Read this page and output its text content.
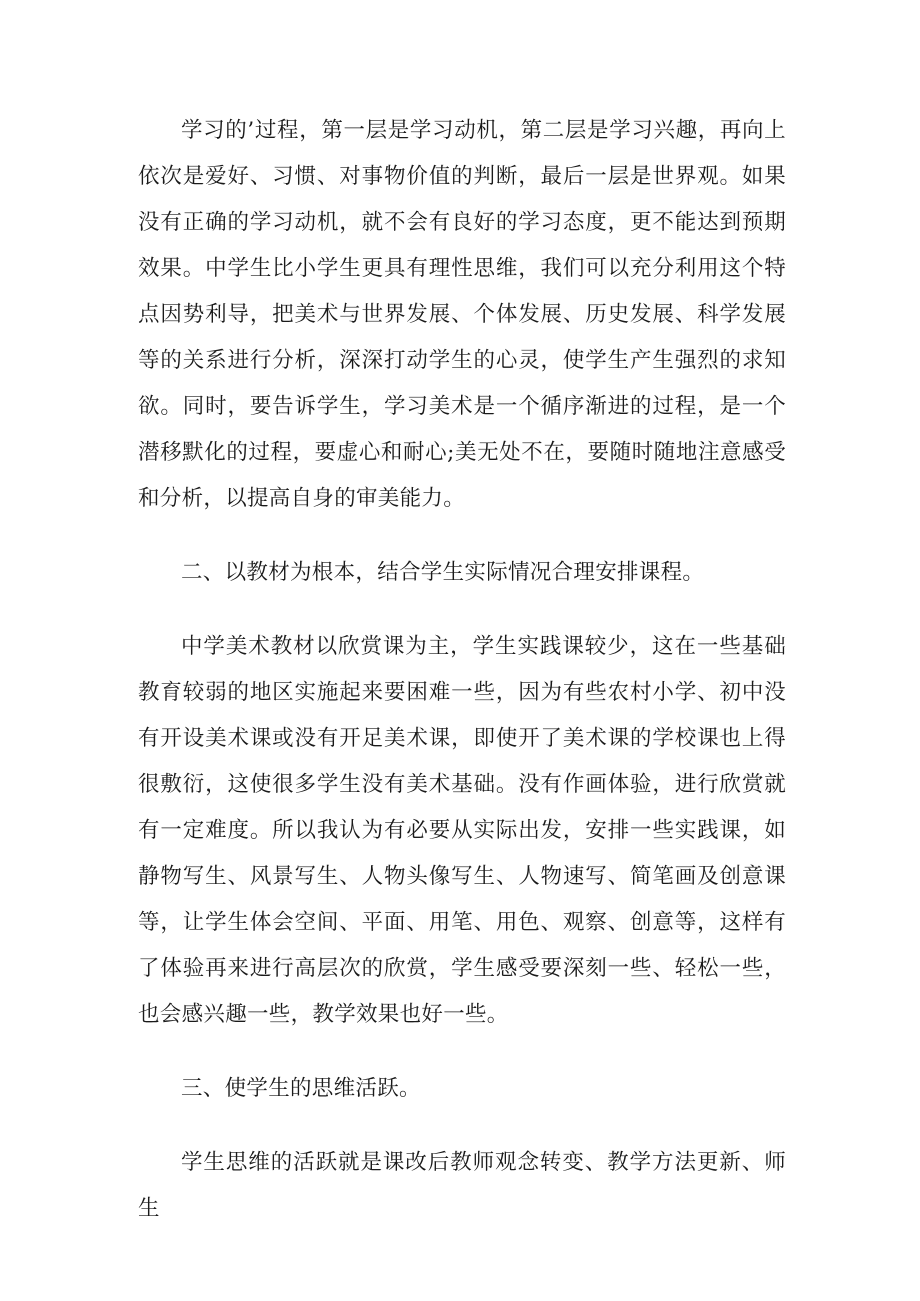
学习的’过程，第一层是学习动机，第二层是学习兴趣，再向上依次是爱好、习惯、对事物价值的判断，最后一层是世界观。如果没有正确的学习动机，就不会有良好的学习态度，更不能达到预期效果。中学生比小学生更具有理性思维，我们可以充分利用这个特点因势利导，把美术与世界发展、个体发展、历史发展、科学发展等的关系进行分析，深深打动学生的心灵，使学生产生强烈的求知欲。同时，要告诉学生，学习美术是一个循序渐进的过程，是一个潜移默化的过程，要虚心和耐心;美无处不在，要随时随地注意感受和分析，以提高自身的审美能力。

二、以教材为根本，结合学生实际情况合理安排课程。

中学美术教材以欣赏课为主，学生实践课较少，这在一些基础教育较弱的地区实施起来要困难一些，因为有些农村小学、初中没有开设美术课或没有开足美术课，即使开了美术课的学校课也上得很敷衍，这使很多学生没有美术基础。没有作画体验，进行欣赏就有一定难度。所以我认为有必要从实际出发，安排一些实践课，如静物写生、风景写生、人物头像写生、人物速写、简笔画及创意课等，让学生体会空间、平面、用笔、用色、观察、创意等，这样有了体验再来进行高层次的欣赏，学生感受要深刻一些、轻松一些，也会感兴趣一些，教学效果也好一些。

三、使学生的思维活跃。

学生思维的活跃就是课改后教师观念转变、教学方法更新、师生
